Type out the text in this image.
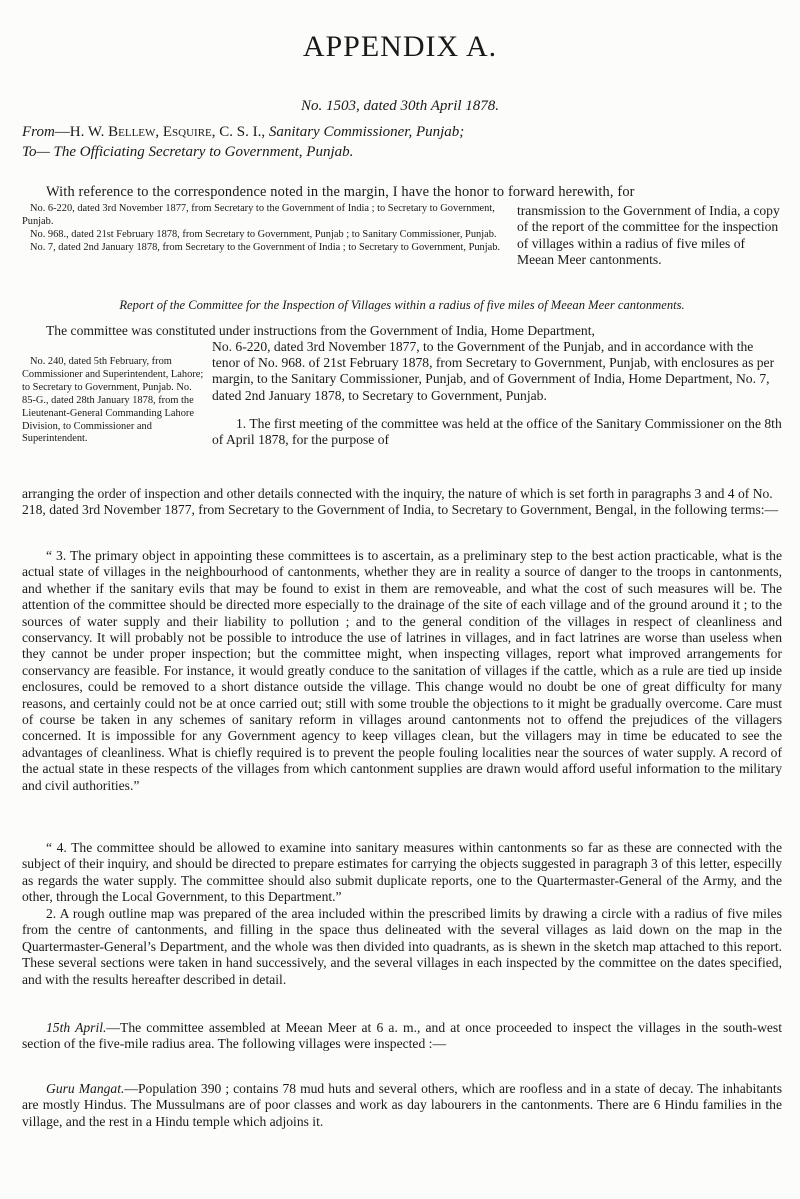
APPENDIX A.
No. 1503, dated 30th April 1878.
From—H. W. Bellew, Esquire, C. S. I., Sanitary Commissioner, Punjab;
To— The Officiating Secretary to Government, Punjab.
With reference to the correspondence noted in the margin, I have the honor to forward herewith, for

No. 6-220, dated 3rd November 1877, from Secretary to the Government of India ; to Secretary to Government, Punjab.

No. 968., dated 21st February 1878, from Secretary to Government, Punjab ; to Sanitary Commissioner, Punjab.

No. 7, dated 2nd January 1878, from Secretary to the Government of India ; to Secretary to Government, Punjab.

transmission to the Government of India, a copy of the report of the committee for the inspection of villages within a radius of five miles of Meean Meer cantonments.
Report of the Committee for the Inspection of Villages within a radius of five miles of Meean Meer cantonments.
The committee was constituted under instructions from the Government of India, Home Department,

No. 240, dated 5th February, from Commissioner and Superintendent, Lahore; to Secretary to Government, Punjab. No. 85-G., dated 28th January 1878, from the Lieutenant-General Commanding Lahore Division, to Commissioner and Superintendent.

No. 6-220, dated 3rd November 1877, to the Government of the Punjab, and in accordance with the tenor of No. 968. of 21st February 1878, from Secretary to Government, Punjab, with enclosures as per margin, to the Sanitary Commissioner, Punjab, and of Government of India, Home Department, No. 7, dated 2nd January 1878, to Secretary to Government, Punjab.

1. The first meeting of the committee was held at the office of the Sanitary Commissioner on the 8th of April 1878, for the purpose of

arranging the order of inspection and other details connected with the inquiry, the nature of which is set forth in paragraphs 3 and 4 of No. 218, dated 3rd November 1877, from Secretary to the Government of India, to Secretary to Government, Bengal, in the following terms:—
“ 3. The primary object in appointing these committees is to ascertain, as a preliminary step to the best action practicable, what is the actual state of villages in the neighbourhood of cantonments, whether they are in reality a source of danger to the troops in cantonments, and whether if the sanitary evils that may be found to exist in them are removeable, and what the cost of such measures will be. The attention of the committee should be directed more especially to the drainage of the site of each village and of the ground around it ; to the sources of water supply and their liability to pollution ; and to the general condition of the villages in respect of cleanliness and conservancy. It will probably not be possible to introduce the use of latrines in villages, and in fact latrines are worse than useless when they cannot be under proper inspection; but the committee might, when inspecting villages, report what improved arrangements for conservancy are feasible. For instance, it would greatly conduce to the sanitation of villages if the cattle, which as a rule are tied up inside enclosures, could be removed to a short distance outside the village. This change would no doubt be one of great difficulty for many reasons, and certainly could not be at once carried out; still with some trouble the objections to it might be gradually overcome. Care must of course be taken in any schemes of sanitary reform in villages around cantonments not to offend the prejudices of the villagers concerned. It is impossible for any Government agency to keep villages clean, but the villagers may in time be educated to see the advantages of cleanliness. What is chiefly required is to prevent the people fouling localities near the sources of water supply. A record of the actual state in these respects of the villages from which cantonment supplies are drawn would afford useful information to the military and civil authorities.”
“ 4. The committee should be allowed to examine into sanitary measures within cantonments so far as these are connected with the subject of their inquiry, and should be directed to prepare estimates for carrying the objects suggested in paragraph 3 of this letter, especilly as regards the water supply. The committee should also submit duplicate reports, one to the Quartermaster-General of the Army, and the other, through the Local Government, to this Department.”
2. A rough outline map was prepared of the area included within the prescribed limits by drawing a circle with a radius of five miles from the centre of cantonments, and filling in the space thus delineated with the several villages as laid down on the map in the Quartermaster-General’s Department, and the whole was then divided into quadrants, as is shewn in the sketch map attached to this report. These several sections were taken in hand successively, and the several villages in each inspected by the committee on the dates specified, and with the results hereafter described in detail.
15th April.—The committee assembled at Meean Meer at 6 a. m., and at once proceeded to inspect the villages in the south-west section of the five-mile radius area. The following villages were inspected :—
Guru Mangat.—Population 390 ; contains 78 mud huts and several others, which are roofless and in a state of decay. The inhabitants are mostly Hindus. The Mussulmans are of poor classes and work as day labourers in the cantonments. There are 6 Hindu families in the village, and the rest in a Hindu temple which adjoins it.
